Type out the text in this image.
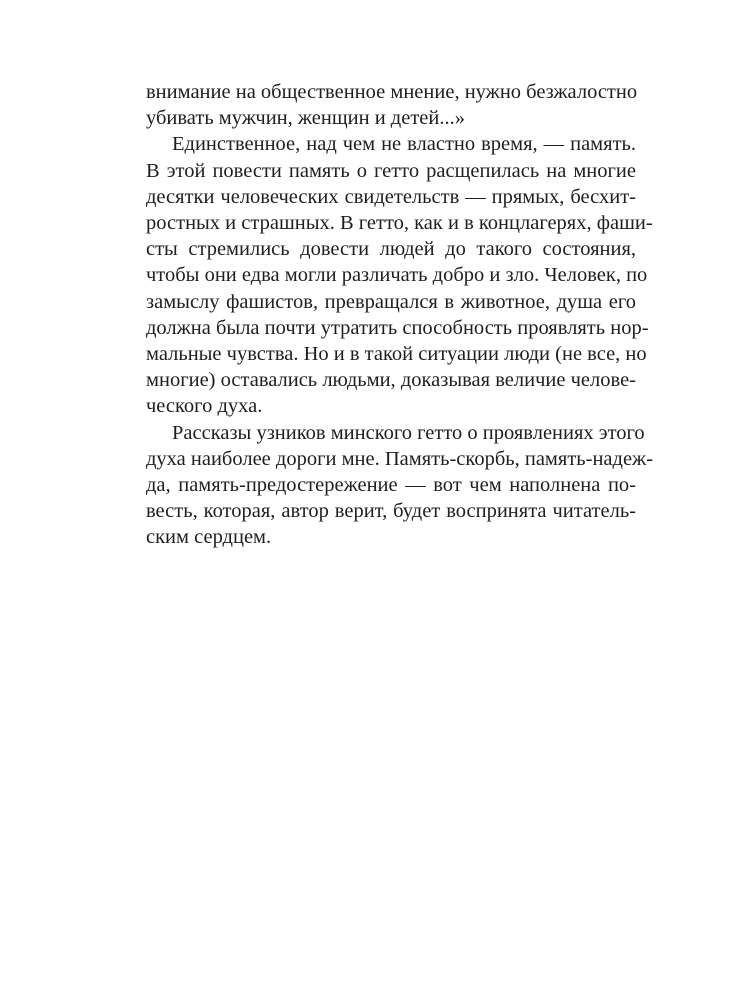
внимание на общественное мнение, нужно безжалостно
убивать мужчин, женщин и детей...»
Единственное, над чем не властно время, — память.
В этой повести память о гетто расщепилась на многие
десятки человеческих свидетельств — прямых, бесхит-
ростных и страшных. В гетто, как и в концлагерях, фаши-
сты стремились довести людей до такого состояния,
чтобы они едва могли различать добро и зло. Человек, по
замыслу фашистов, превращался в животное, душа его
должна была почти утратить способность проявлять нор-
мальные чувства. Но и в такой ситуации люди (не все, но
многие) оставались людьми, доказывая величие челове-
ческого духа.
Рассказы узников минского гетто о проявлениях этого
духа наиболее дороги мне. Память-скорбь, память-надеж-
да, память-предостережение — вот чем наполнена по-
весть, которая, автор верит, будет воспринята читатель-
ским сердцем.
